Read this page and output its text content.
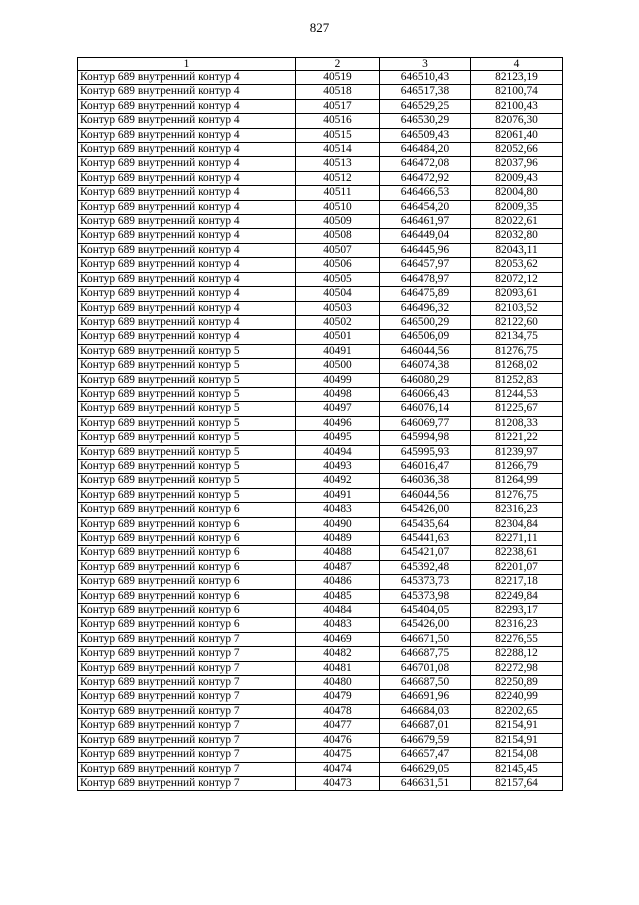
827
1	2	3	4
Контур 689 внутренний контур 4	40519	646510,43	82123,19
Контур 689 внутренний контур 4	40518	646517,38	82100,74
Контур 689 внутренний контур 4	40517	646529,25	82100,43
Контур 689 внутренний контур 4	40516	646530,29	82076,30
Контур 689 внутренний контур 4	40515	646509,43	82061,40
Контур 689 внутренний контур 4	40514	646484,20	82052,66
Контур 689 внутренний контур 4	40513	646472,08	82037,96
Контур 689 внутренний контур 4	40512	646472,92	82009,43
Контур 689 внутренний контур 4	40511	646466,53	82004,80
Контур 689 внутренний контур 4	40510	646454,20	82009,35
Контур 689 внутренний контур 4	40509	646461,97	82022,61
Контур 689 внутренний контур 4	40508	646449,04	82032,80
Контур 689 внутренний контур 4	40507	646445,96	82043,11
Контур 689 внутренний контур 4	40506	646457,97	82053,62
Контур 689 внутренний контур 4	40505	646478,97	82072,12
Контур 689 внутренний контур 4	40504	646475,89	82093,61
Контур 689 внутренний контур 4	40503	646496,32	82103,52
Контур 689 внутренний контур 4	40502	646500,29	82122,60
Контур 689 внутренний контур 4	40501	646506,09	82134,75
Контур 689 внутренний контур 5	40491	646044,56	81276,75
Контур 689 внутренний контур 5	40500	646074,38	81268,02
Контур 689 внутренний контур 5	40499	646080,29	81252,83
Контур 689 внутренний контур 5	40498	646066,43	81244,53
Контур 689 внутренний контур 5	40497	646076,14	81225,67
Контур 689 внутренний контур 5	40496	646069,77	81208,33
Контур 689 внутренний контур 5	40495	645994,98	81221,22
Контур 689 внутренний контур 5	40494	645995,93	81239,97
Контур 689 внутренний контур 5	40493	646016,47	81266,79
Контур 689 внутренний контур 5	40492	646036,38	81264,99
Контур 689 внутренний контур 5	40491	646044,56	81276,75
Контур 689 внутренний контур 6	40483	645426,00	82316,23
Контур 689 внутренний контур 6	40490	645435,64	82304,84
Контур 689 внутренний контур 6	40489	645441,63	82271,11
Контур 689 внутренний контур 6	40488	645421,07	82238,61
Контур 689 внутренний контур 6	40487	645392,48	82201,07
Контур 689 внутренний контур 6	40486	645373,73	82217,18
Контур 689 внутренний контур 6	40485	645373,98	82249,84
Контур 689 внутренний контур 6	40484	645404,05	82293,17
Контур 689 внутренний контур 6	40483	645426,00	82316,23
Контур 689 внутренний контур 7	40469	646671,50	82276,55
Контур 689 внутренний контур 7	40482	646687,75	82288,12
Контур 689 внутренний контур 7	40481	646701,08	82272,98
Контур 689 внутренний контур 7	40480	646687,50	82250,89
Контур 689 внутренний контур 7	40479	646691,96	82240,99
Контур 689 внутренний контур 7	40478	646684,03	82202,65
Контур 689 внутренний контур 7	40477	646687,01	82154,91
Контур 689 внутренний контур 7	40476	646679,59	82154,91
Контур 689 внутренний контур 7	40475	646657,47	82154,08
Контур 689 внутренний контур 7	40474	646629,05	82145,45
Контур 689 внутренний контур 7	40473	646631,51	82157,64
